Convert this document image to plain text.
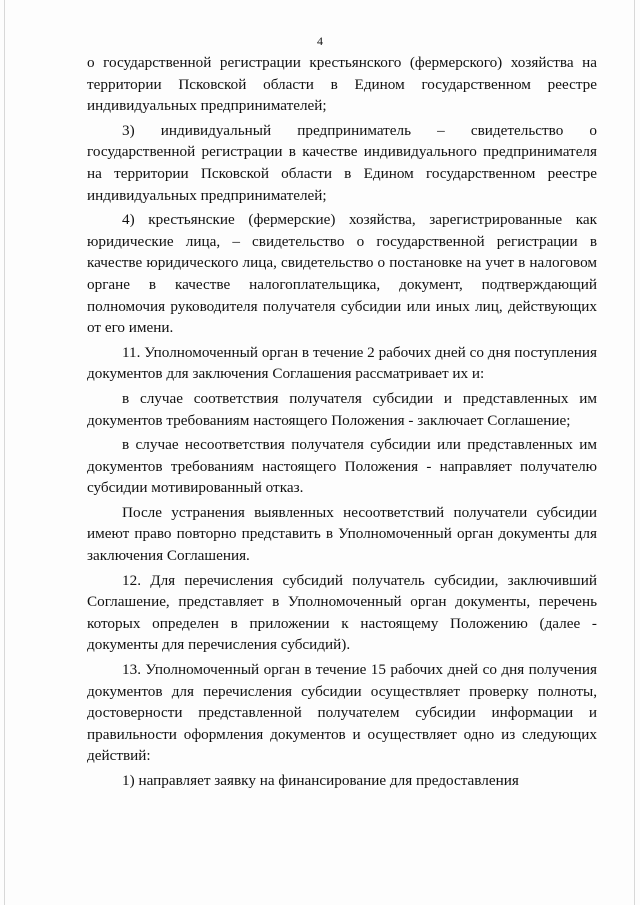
4

о государственной регистрации крестьянского (фермерского) хозяйства на территории Псковской области в Едином государственном реестре индивидуальных предпринимателей;

3) индивидуальный предприниматель – свидетельство о государственной регистрации в качестве индивидуального предпринимателя на территории Псковской области в Едином государственном реестре индивидуальных предпринимателей;

4) крестьянские (фермерские) хозяйства, зарегистрированные как юридические лица, – свидетельство о государственной регистрации в качестве юридического лица, свидетельство о постановке на учет в налоговом органе в качестве налогоплательщика, документ, подтверждающий полномочия руководителя получателя субсидии или иных лиц, действующих от его имени.

11. Уполномоченный орган в течение 2 рабочих дней со дня поступления документов для заключения Соглашения рассматривает их и:

в случае соответствия получателя субсидии и представленных им документов требованиям настоящего Положения - заключает Соглашение;

в случае несоответствия получателя субсидии или представленных им документов требованиям настоящего Положения - направляет получателю субсидии мотивированный отказ.

После устранения выявленных несоответствий получатели субсидии имеют право повторно представить в Уполномоченный орган документы для заключения Соглашения.

12. Для перечисления субсидий получатель субсидии, заключивший Соглашение, представляет в Уполномоченный орган документы, перечень которых определен в приложении к настоящему Положению (далее - документы для перечисления субсидий).

13. Уполномоченный орган в течение 15 рабочих дней со дня получения документов для перечисления субсидии осуществляет проверку полноты, достоверности представленной получателем субсидии информации и правильности оформления документов и осуществляет одно из следующих действий:

1) направляет заявку на финансирование для предоставления
